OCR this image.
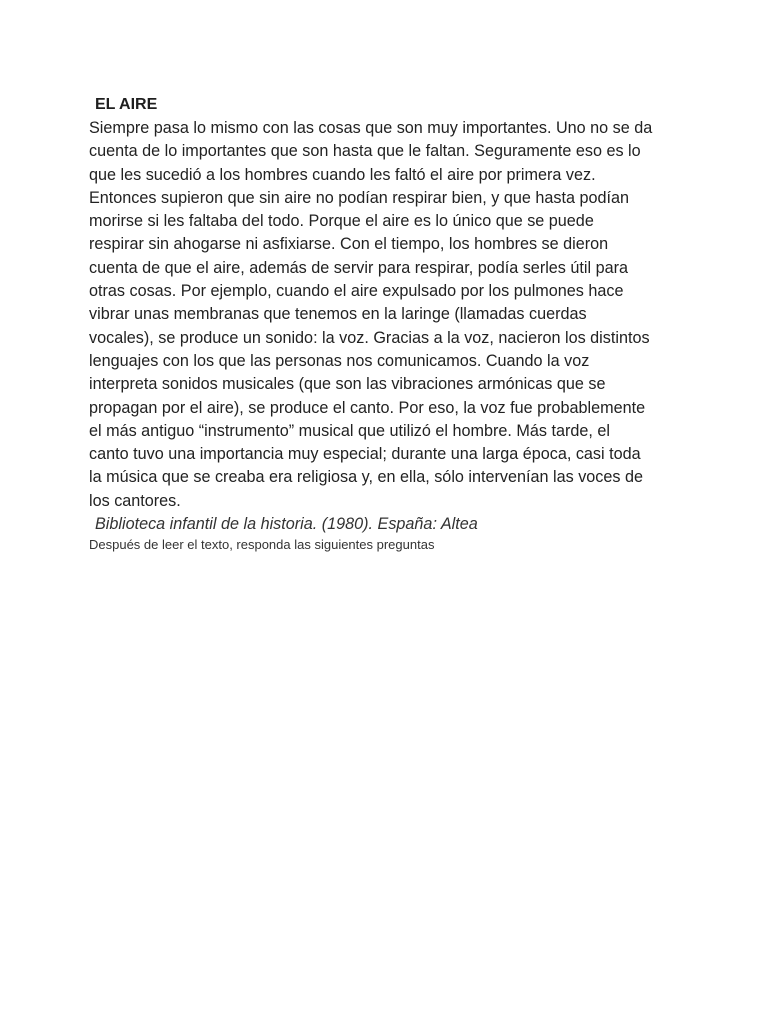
EL AIRE

Siempre pasa lo mismo con las cosas que son muy importantes. Uno no se da
cuenta de lo importantes que son hasta que le faltan. Seguramente eso es lo
que les sucedió a los hombres cuando les faltó el aire por primera vez.
Entonces supieron que sin aire no podían respirar bien, y que hasta podían
morirse si les faltaba del todo. Porque el aire es lo único que se puede
respirar sin ahogarse ni asfixiarse. Con el tiempo, los hombres se dieron
cuenta de que el aire, además de servir para respirar, podía serles útil para
otras cosas. Por ejemplo, cuando el aire expulsado por los pulmones hace
vibrar unas membranas que tenemos en la laringe (llamadas cuerdas
vocales), se produce un sonido: la voz. Gracias a la voz, nacieron los distintos
lenguajes con los que las personas nos comunicamos. Cuando la voz
interpreta sonidos musicales (que son las vibraciones armónicas que se
propagan por el aire), se produce el canto. Por eso, la voz fue probablemente
el más antiguo “instrumento” musical que utilizó el hombre. Más tarde, el
canto tuvo una importancia muy especial; durante una larga época, casi toda
la música que se creaba era religiosa y, en ella, sólo intervenían las voces de
los cantores.

Biblioteca infantil de la historia. (1980). España: Altea
Después de leer el texto, responda las siguientes preguntas
